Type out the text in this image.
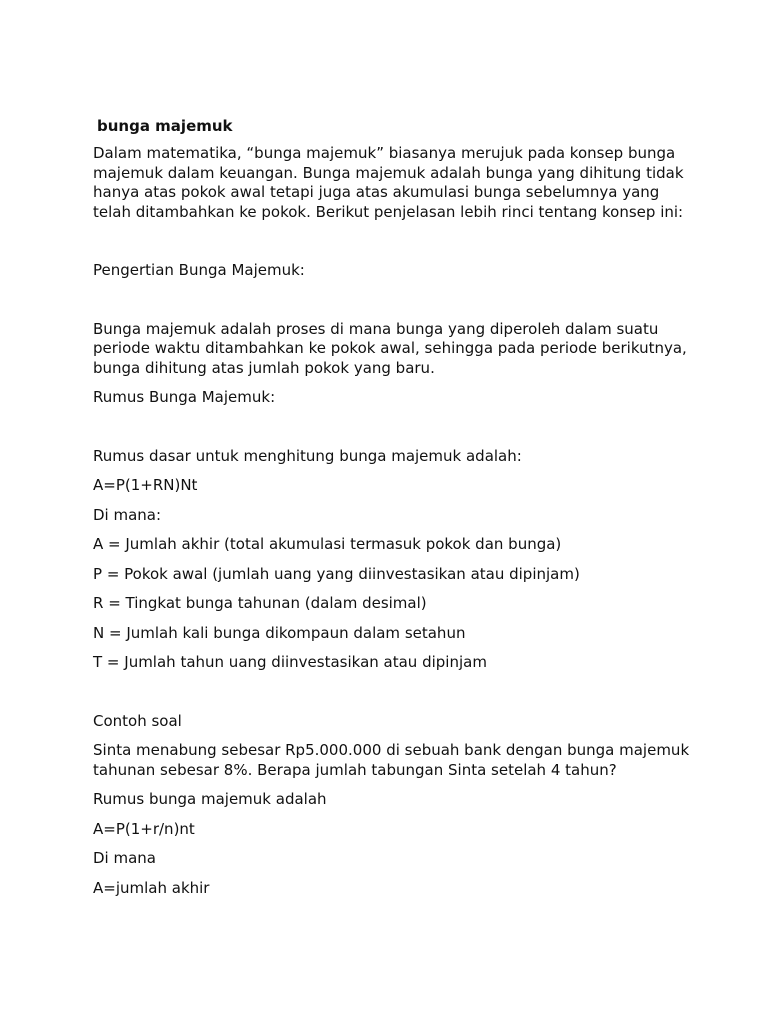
bunga majemuk
Dalam matematika, “bunga majemuk” biasanya merujuk pada konsep bunga majemuk dalam keuangan. Bunga majemuk adalah bunga yang dihitung tidak hanya atas pokok awal tetapi juga atas akumulasi bunga sebelumnya yang telah ditambahkan ke pokok. Berikut penjelasan lebih rinci tentang konsep ini:
Pengertian Bunga Majemuk:
Bunga majemuk adalah proses di mana bunga yang diperoleh dalam suatu periode waktu ditambahkan ke pokok awal, sehingga pada periode berikutnya, bunga dihitung atas jumlah pokok yang baru.
Rumus Bunga Majemuk:
Rumus dasar untuk menghitung bunga majemuk adalah:
A=P(1+RN)Nt
Di mana:
A = Jumlah akhir (total akumulasi termasuk pokok dan bunga)
P = Pokok awal (jumlah uang yang diinvestasikan atau dipinjam)
R = Tingkat bunga tahunan (dalam desimal)
N = Jumlah kali bunga dikompaun dalam setahun
T = Jumlah tahun uang diinvestasikan atau dipinjam
Contoh soal
Sinta menabung sebesar Rp5.000.000 di sebuah bank dengan bunga majemuk tahunan sebesar 8%. Berapa jumlah tabungan Sinta setelah 4 tahun?
Rumus bunga majemuk adalah
A=P(1+r/n)nt
Di mana
A=jumlah akhir
